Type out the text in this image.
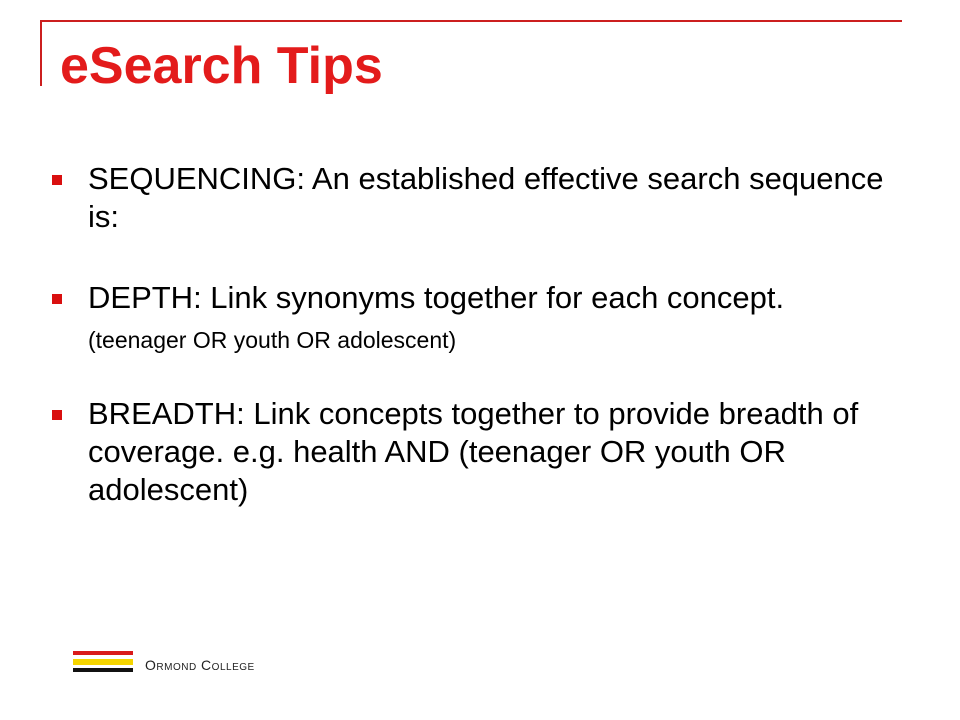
eSearch Tips
SEQUENCING: An established effective search sequence is:
DEPTH: Link synonyms together for each concept.
(teenager OR youth OR adolescent)
BREADTH: Link concepts together to provide breadth of coverage. e.g. health AND (teenager OR youth OR adolescent)
Ormond College
